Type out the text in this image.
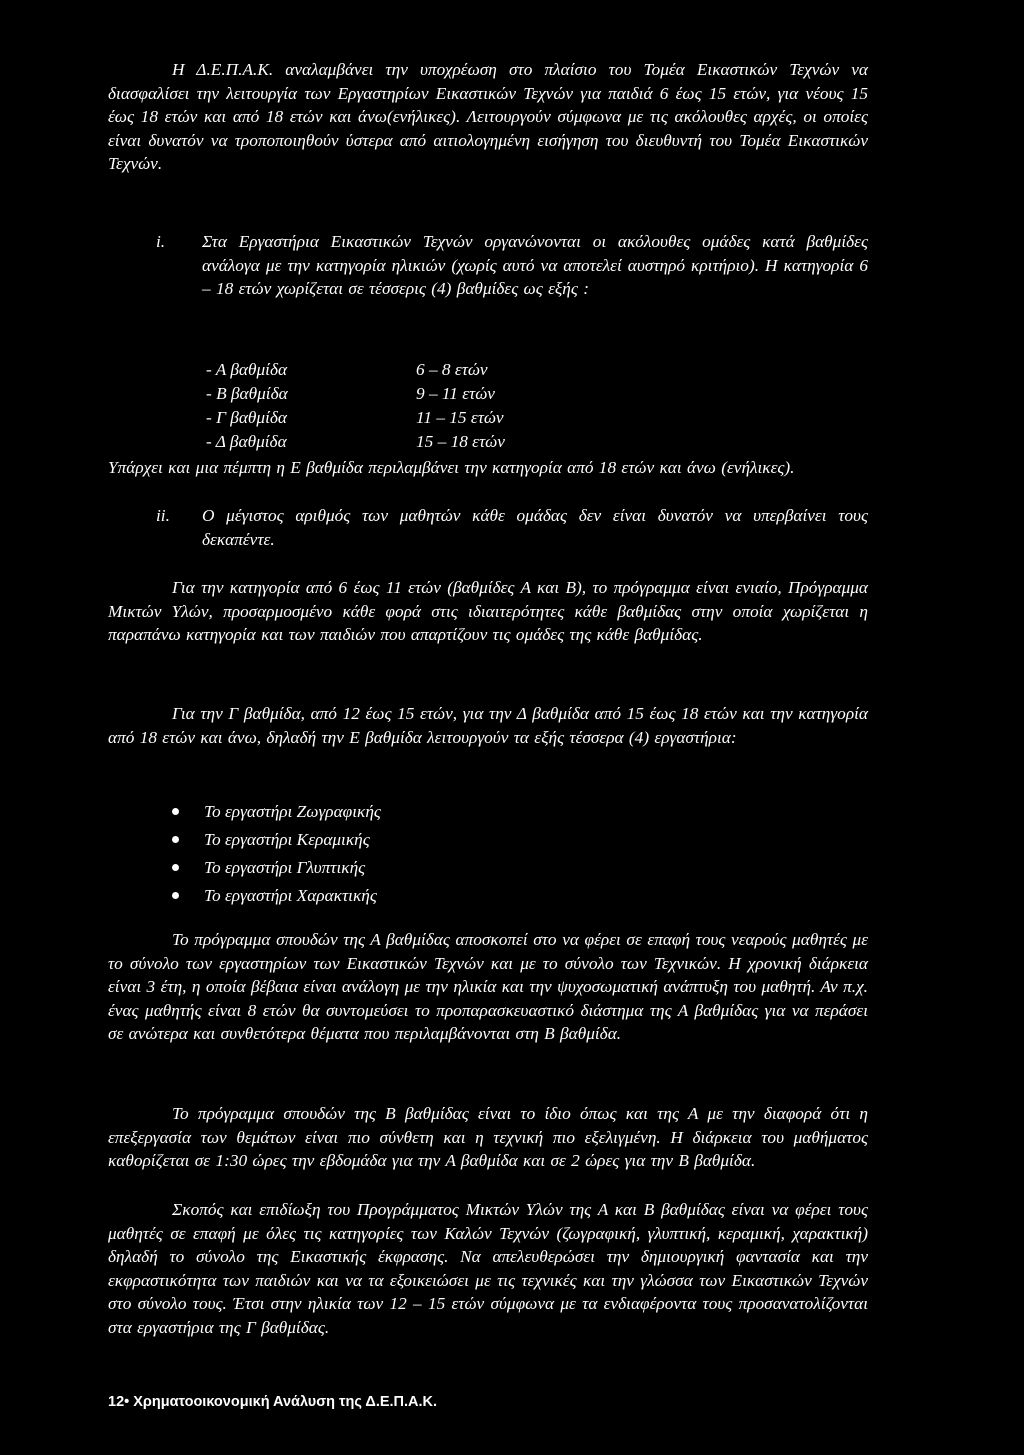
Η Δ.Ε.Π.Α.Κ. αναλαμβάνει την υποχρέωση στο πλαίσιο του Τομέα Εικαστικών Τεχνών να διασφαλίσει την λειτουργία των Εργαστηρίων Εικαστικών Τεχνών για παιδιά 6 έως 15 ετών, για νέους 15 έως 18 ετών και από 18 ετών και άνω(ενήλικες). Λειτουργούν σύμφωνα με τις ακόλουθες αρχές, οι οποίες είναι δυνατόν να τροποποιηθούν ύστερα από αιτιολογημένη εισήγηση του διευθυντή του Τομέα Εικαστικών Τεχνών.

i.	Στα Εργαστήρια Εικαστικών Τεχνών οργανώνονται οι ακόλουθες ομάδες κατά βαθμίδες ανάλογα με την κατηγορία ηλικιών (χωρίς αυτό να αποτελεί αυστηρό κριτήριο). Η κατηγορία 6 – 18 ετών χωρίζεται σε τέσσερις (4) βαθμίδες ως εξής :

- Α βαθμίδα	6 – 8 ετών
- Β βαθμίδα	9 – 11 ετών
- Γ βαθμίδα	11 – 15 ετών
- Δ βαθμίδα	15 – 18 ετών

Υπάρχει και μια πέμπτη η Ε βαθμίδα περιλαμβάνει την κατηγορία από 18 ετών και άνω (ενήλικες).

ii.	Ο μέγιστος αριθμός των μαθητών κάθε ομάδας δεν είναι δυνατόν να υπερβαίνει τους δεκαπέντε.

Για την κατηγορία από 6 έως 11 ετών (βαθμίδες Α και Β), το πρόγραμμα είναι ενιαίο, Πρόγραμμα Μικτών Υλών, προσαρμοσμένο κάθε φορά στις ιδιαιτερότητες κάθε βαθμίδας στην οποία χωρίζεται η παραπάνω κατηγορία και των παιδιών που απαρτίζουν τις ομάδες της κάθε βαθμίδας.

Για την Γ βαθμίδα, από 12 έως 15 ετών, για την Δ βαθμίδα από 15 έως 18 ετών και την κατηγορία από 18 ετών και άνω, δηλαδή την Ε βαθμίδα λειτουργούν τα εξής τέσσερα (4) εργαστήρια:

Το εργαστήρι Ζωγραφικής
Το εργαστήρι Κεραμικής
Το εργαστήρι Γλυπτικής
Το εργαστήρι Χαρακτικής

Το πρόγραμμα σπουδών της Α βαθμίδας αποσκοπεί στο να φέρει σε επαφή τους νεαρούς μαθητές με το σύνολο των εργαστηρίων των Εικαστικών Τεχνών και με το σύνολο των Τεχνικών. Η χρονική διάρκεια είναι 3 έτη, η οποία βέβαια είναι ανάλογη με την ηλικία και την ψυχοσωματική ανάπτυξη του μαθητή. Αν π.χ. ένας μαθητής είναι 8 ετών θα συντομεύσει το προπαρασκευαστικό διάστημα της Α βαθμίδας για να περάσει σε ανώτερα και συνθετότερα θέματα που περιλαμβάνονται στη Β βαθμίδα.

Το πρόγραμμα σπουδών της Β βαθμίδας είναι το ίδιο όπως και της Α με την διαφορά ότι η επεξεργασία των θεμάτων είναι πιο σύνθετη και η τεχνική πιο εξελιγμένη. Η διάρκεια του μαθήματος καθορίζεται σε 1:30 ώρες την εβδομάδα για την Α βαθμίδα και σε 2 ώρες για την Β βαθμίδα.

Σκοπός και επιδίωξη του Προγράμματος Μικτών Υλών της Α και Β βαθμίδας είναι να φέρει τους μαθητές σε επαφή με όλες τις κατηγορίες των Καλών Τεχνών (ζωγραφική, γλυπτική, κεραμική, χαρακτική) δηλαδή το σύνολο της Εικαστικής έκφρασης. Να απελευθερώσει την δημιουργική φαντασία και την εκφραστικότητα των παιδιών και να τα εξοικειώσει με τις τεχνικές και την γλώσσα των Εικαστικών Τεχνών στο σύνολο τους. Έτσι στην ηλικία των 12 – 15 ετών σύμφωνα με τα ενδιαφέροντα τους προσανατολίζονται στα εργαστήρια της Γ βαθμίδας.

12• Χρηματοοικονομική Ανάλυση της Δ.Ε.Π.Α.Κ.
